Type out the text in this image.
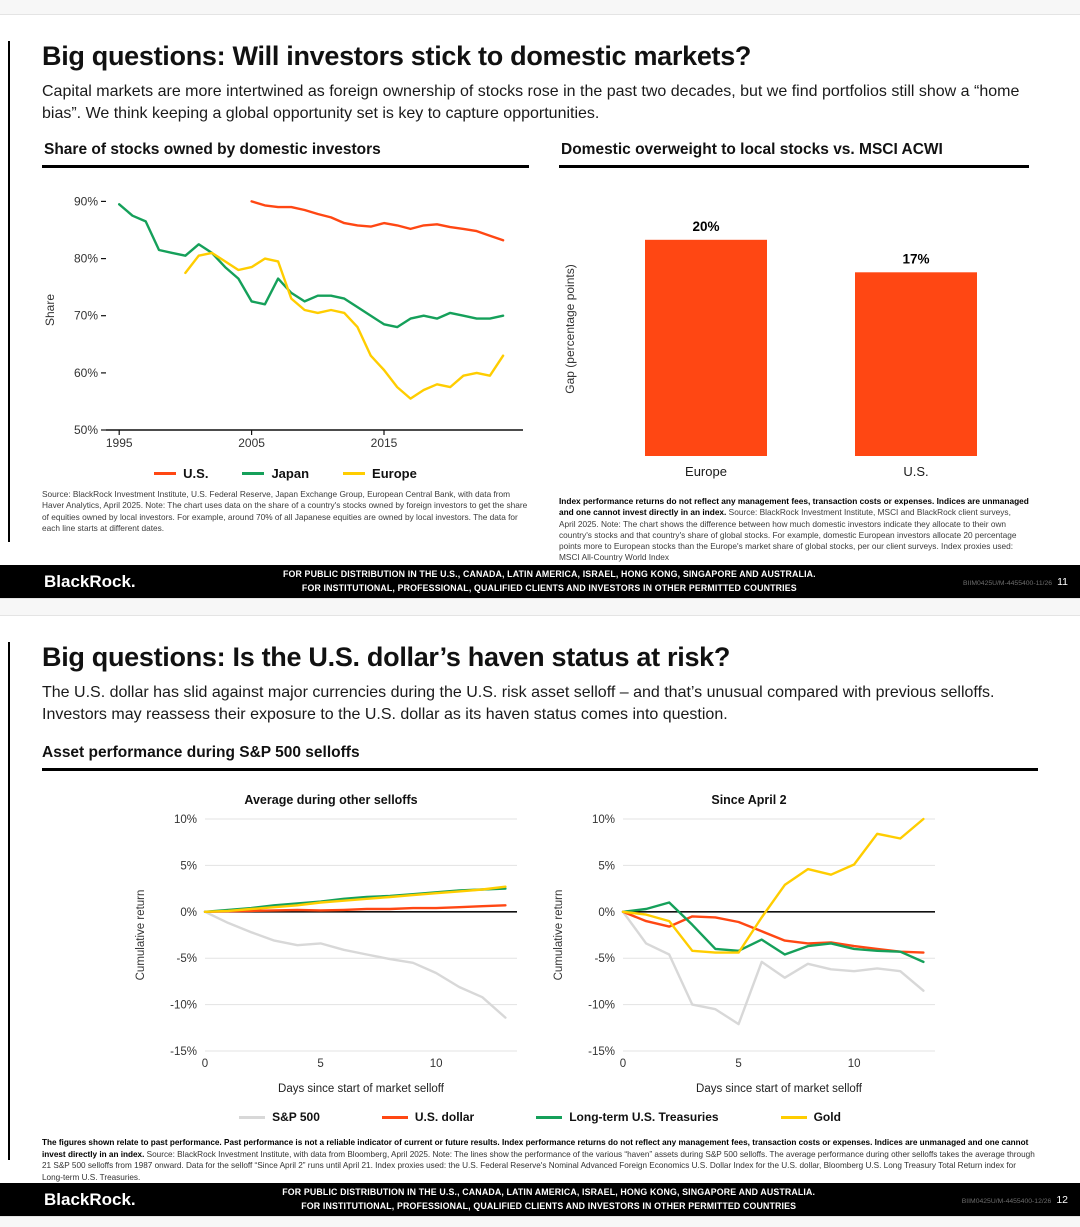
Big questions: Will investors stick to domestic markets?

Capital markets are more intertwined as foreign ownership of stocks rose in the past two decades, but we find portfolios still show a “home bias”. We think keeping a global opportunity set is key to capture opportunities.

Share of stocks owned by domestic investors
50%
60%
70%
80%
90%
1995	2005	2015
Share
U.S.	Japan	Europe

Source: BlackRock Investment Institute, U.S. Federal Reserve, Japan Exchange Group, European Central Bank, with data from Haver Analytics, April 2025. Note: The chart uses data on the share of a country's stocks owned by foreign investors to get the share of equities owned by local investors. For example, around 70% of all Japanese equities are owned by local investors. The data for each line starts at different dates.

Domestic overweight to local stocks vs. MSCI ACWI
20%
Europe
17%
U.S.
Gap (percentage points)

Index performance returns do not reflect any management fees, transaction costs or expenses. Indices are unmanaged and one cannot invest directly in an index. Source: BlackRock Investment Institute, MSCI and BlackRock client surveys, April 2025. Note: The chart shows the difference between how much domestic investors indicate they allocate to their own country's stocks and that country's share of global stocks. For example, domestic European investors allocate 20 percentage points more to European stocks than the Europe's market share of global stocks, per our client surveys. Index proxies used: MSCI All-Country World Index

BlackRock.	FOR PUBLIC DISTRIBUTION IN THE U.S., CANADA, LATIN AMERICA, ISRAEL, HONG KONG, SINGAPORE AND AUSTRALIA.
FOR INSTITUTIONAL, PROFESSIONAL, QUALIFIED CLIENTS AND INVESTORS IN OTHER PERMITTED COUNTRIES	BIIM0425U/M-4455400-11/26 11
Big questions: Is the U.S. dollar’s haven status at risk?

The U.S. dollar has slid against major currencies during the U.S. risk asset selloff – and that’s unusual compared with previous selloffs. Investors may reassess their exposure to the U.S. dollar as its haven status comes into question.

Asset performance during S&P 500 selloffs
Average during other selloffs
10%
5%
0%
-5%
-10%
-15%
0	5	10
Cumulative return
Days since start of market selloff
Since April 2
10%
5%
0%
-5%
-10%
-15%
0	5	10
Cumulative return
Days since start of market selloff
S&P 500	U.S. dollar	Long-term U.S. Treasuries	Gold

The figures shown relate to past performance. Past performance is not a reliable indicator of current or future results. Index performance returns do not reflect any management fees, transaction costs or expenses. Indices are unmanaged and one cannot invest directly in an index. Source: BlackRock Investment Institute, with data from Bloomberg, April 2025. Note: The lines show the performance of the various “haven” assets during S&P 500 selloffs. The average performance during other selloffs takes the average through 21 S&P 500 selloffs from 1987 onward. Data for the selloff “Since April 2” runs until April 21. Index proxies used: the U.S. Federal Reserve's Nominal Advanced Foreign Economics U.S. Dollar Index for the U.S. dollar, Bloomberg U.S. Long Treasury Total Return index for Long-term U.S. Treasuries.

BlackRock.	FOR PUBLIC DISTRIBUTION IN THE U.S., CANADA, LATIN AMERICA, ISRAEL, HONG KONG, SINGAPORE AND AUSTRALIA.
FOR INSTITUTIONAL, PROFESSIONAL, QUALIFIED CLIENTS AND INVESTORS IN OTHER PERMITTED COUNTRIES	BIIM0425U/M-4455400-12/26 12
